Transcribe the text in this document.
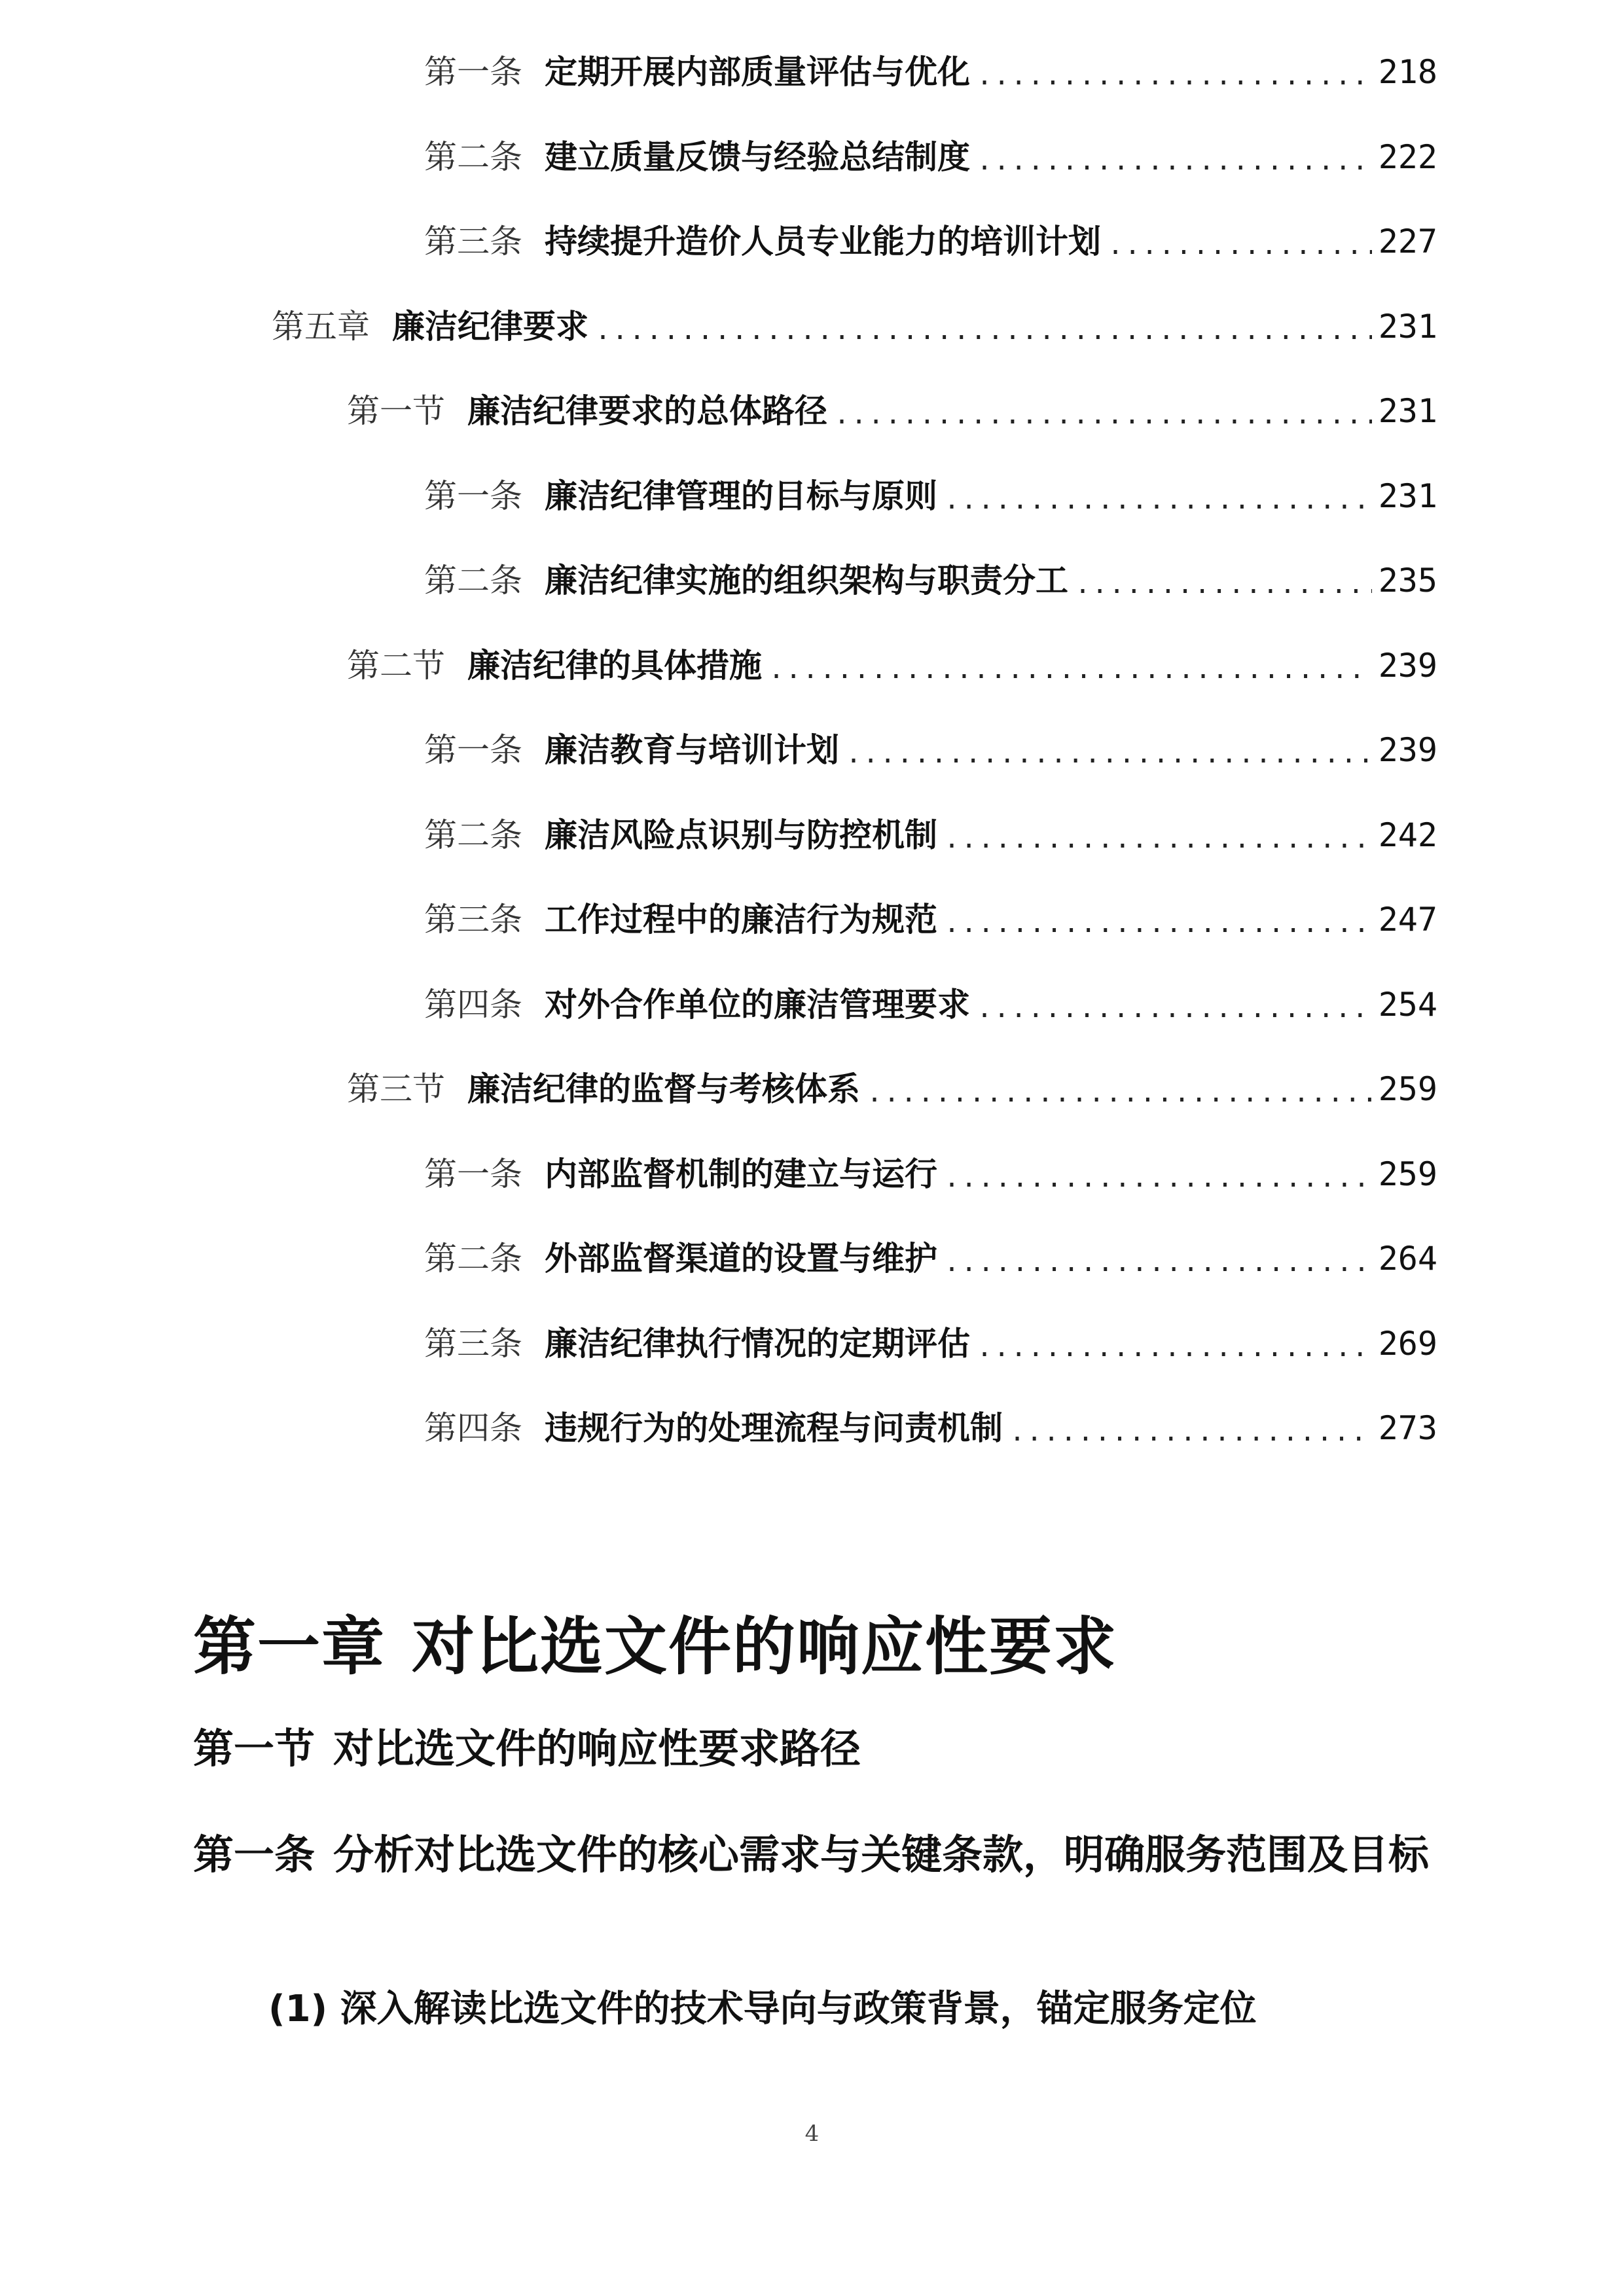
第一条 定期开展内部质量评估与优化 .....	218
第二条 建立质量反馈与经验总结制度 .....	222
第三条 持续提升造价人员专业能力的培训计划 .....	227
第五章 廉洁纪律要求 .....	231
第一节 廉洁纪律要求的总体路径 .....	231
第一条 廉洁纪律管理的目标与原则 .....	231
第二条 廉洁纪律实施的组织架构与职责分工 .....	235
第二节 廉洁纪律的具体措施 .....	239
第一条 廉洁教育与培训计划 .....	239
第二条 廉洁风险点识别与防控机制 .....	242
第三条 工作过程中的廉洁行为规范 .....	247
第四条 对外合作单位的廉洁管理要求 .....	254
第三节 廉洁纪律的监督与考核体系 .....	259
第一条 内部监督机制的建立与运行 .....	259
第二条 外部监督渠道的设置与维护 .....	264
第三条 廉洁纪律执行情况的定期评估 .....	269
第四条 违规行为的处理流程与问责机制 .....	273
第一章 对比选文件的响应性要求
第一节 对比选文件的响应性要求路径
第一条 分析对比选文件的核心需求与关键条款，明确服务范围及目标
(1) 深入解读比选文件的技术导向与政策背景，锚定服务定位
4
